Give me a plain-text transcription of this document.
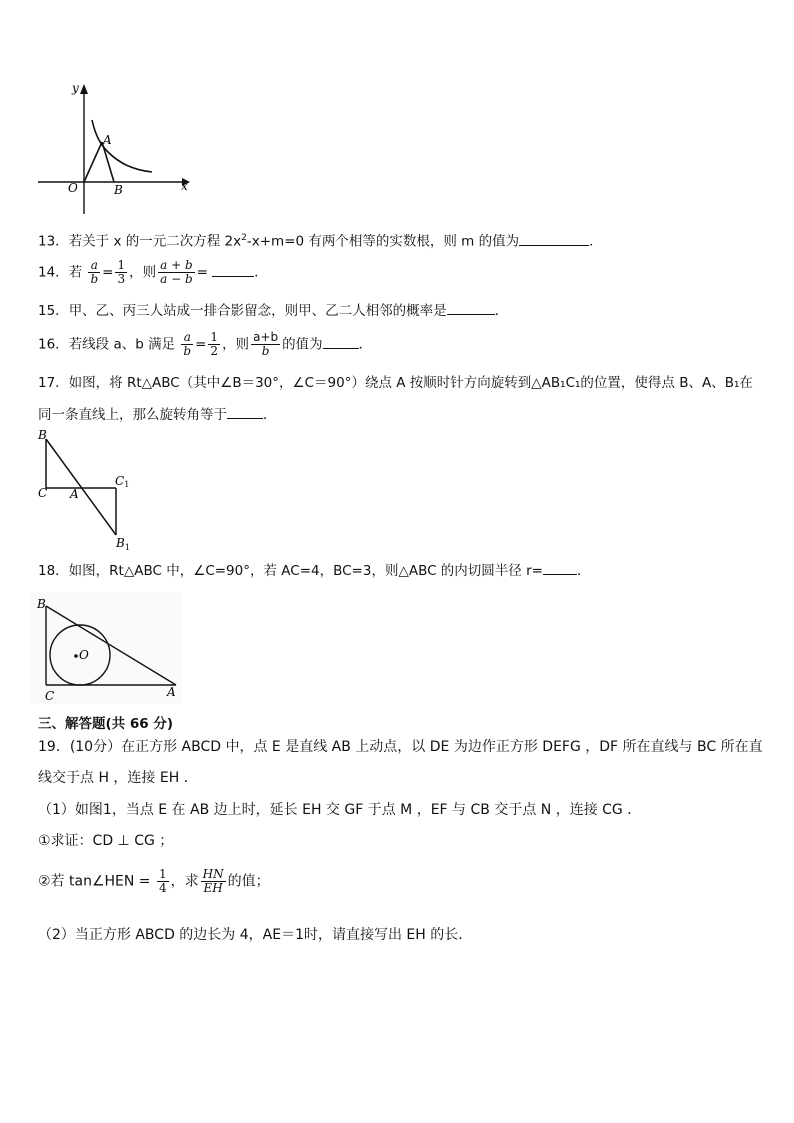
y
A
O	B	x
13．若关于 x 的一元二次方程 $2x^2-x+m=0$ 有两个相等的实数根，则 m 的值为	．
14．若 $\frac{a}{b} = \frac{1}{3}$ ，则 $\frac{a + b}{a - b}$ =	．
15．甲、乙、丙三人站成一排合影留念，则甲、乙二人相邻的概率是	．
16．若线段 a、b 满足 $\frac{a}{b} = \frac{1}{2}$ ，则 $\frac{a+b}{b}$ 的值为	．
17．如图，将 Rt△ABC（其中∠B＝30°，∠C＝90°）绕点 A 按顺时针方向旋转到△AB₁C₁的位置，使得点 B、A、B₁在
同一条直线上，那么旋转角等于	．
B
C A
C1
$B_1$
18．如图，Rt△ABC 中，∠C=90°，若 AC=4，BC=3，则△ABC 的内切圆半径 r=	．
B
O
C	A
三、解答题(共 66 分)
19．(10分）在正方形 ABCD 中，点 E 是直线 AB 上动点，以 DE 为边作正方形 DEFG ，DF 所在直线与 BC 所在直
线交于点 H ，连接 EH ．
（1）如图1，当点 E 在 AB 边上时，延长 EH 交 GF 于点 M ，EF 与 CB 交于点 N ，连接 CG ．
①求证：CD ⊥ CG ；
②若 tan∠HEN = $\frac{1}{4}$ ，求 $\frac{HN}{EH}$ 的值；
（2）当正方形 ABCD 的边长为 4，AE＝1时，请直接写出 EH 的长．
